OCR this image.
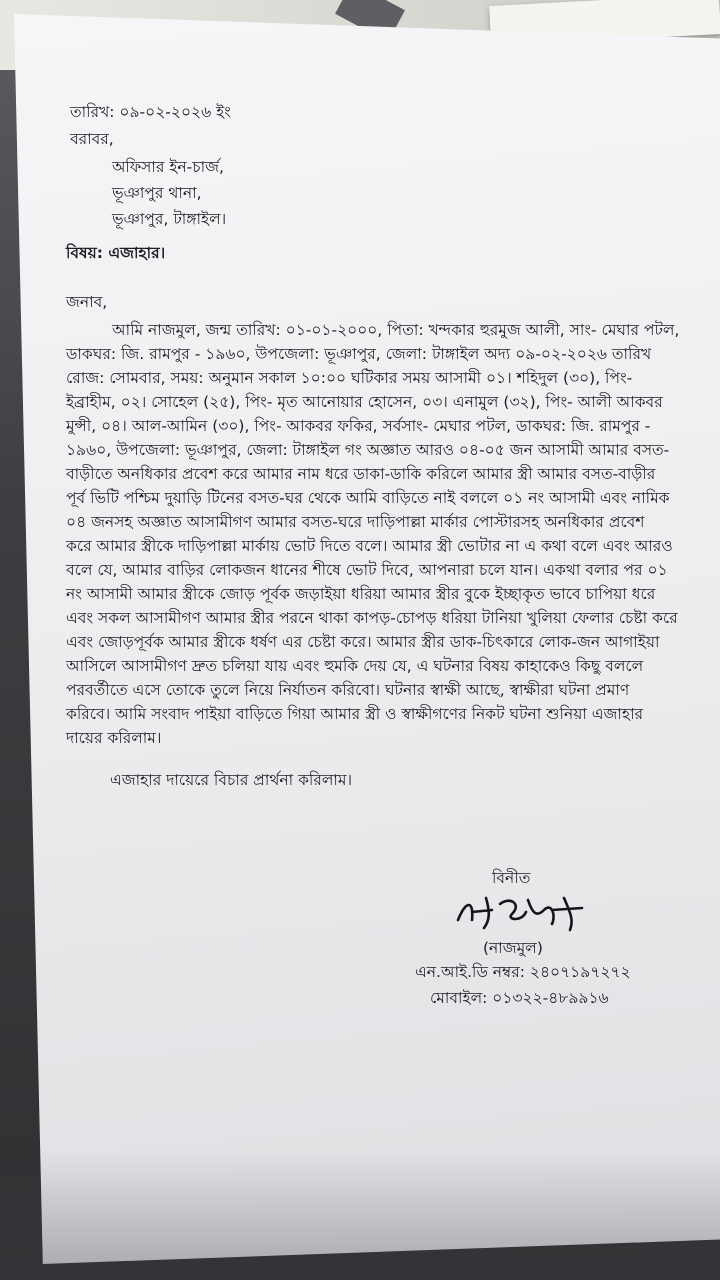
তারিখ: ০৯-০২-২০২৬ ইং

বরাবর,

অফিসার ইন-চার্জ,

ভূঞাপুর থানা,

ভূঞাপুর, টাঙ্গাইল।

বিষয়: এজাহার।

জনাব,

আমি নাজমুল, জন্ম তারিখ: ০১-০১-২০০০, পিতা: খন্দকার হুরমুজ আলী, সাং- মেঘার পটল,

ডাকঘর: জি. রামপুর - ১৯৬০, উপজেলা: ভূঞাপুর, জেলা: টাঙ্গাইল অদ্য ০৯-০২-২০২৬ তারিখ

রোজ: সোমবার, সময়: অনুমান সকাল ১০:০০ ঘটিকার সময় আসামী ০১। শহিদুল (৩০), পিং-

ইব্রাহীম, ০২। সোহেল (২৫), পিং- মৃত আনোয়ার হোসেন, ০৩। এনামুল (৩২), পিং- আলী আকবর

মুন্সী, ০৪। আল-আমিন (৩০), পিং- আকবর ফকির, সর্বসাং- মেঘার পটল, ডাকঘর: জি. রামপুর -

১৯৬০, উপজেলা: ভূঞাপুর, জেলা: টাঙ্গাইল গং অজ্ঞাত আরও ০৪-০৫ জন আসামী আমার বসত-

বাড়ীতে অনধিকার প্রবেশ করে আমার নাম ধরে ডাকা-ডাকি করিলে আমার স্ত্রী আমার বসত-বাড়ীর

পূর্ব ভিটি পশ্চিম দুয়াড়ি টিনের বসত-ঘর থেকে আমি বাড়িতে নাই বললে ০১ নং আসামী এবং নামিক

০৪ জনসহ অজ্ঞাত আসামীগণ আমার বসত-ঘরে দাড়িপাল্লা মার্কার পোস্টারসহ অনধিকার প্রবেশ

করে আমার স্ত্রীকে দাড়িপাল্লা মার্কায় ভোট দিতে বলে। আমার স্ত্রী ভোটার না এ কথা বলে এবং আরও

বলে যে, আমার বাড়ির লোকজন ধানের শীষে ভোট দিবে, আপনারা চলে যান। একথা বলার পর ০১

নং আসামী আমার স্ত্রীকে জোড় পূর্বক জড়াইয়া ধরিয়া আমার স্ত্রীর বুকে ইচ্ছাকৃত ভাবে চাপিয়া ধরে

এবং সকল আসামীগণ আমার স্ত্রীর পরনে থাকা কাপড়-চোপড় ধরিয়া টানিয়া খুলিয়া ফেলার চেষ্টা করে

এবং জোড়পূর্বক আমার স্ত্রীকে ধর্ষণ এর চেষ্টা করে। আমার স্ত্রীর ডাক-চিৎকারে লোক-জন আগাইয়া

আসিলে আসামীগণ দ্রুত চলিয়া যায় এবং হুমকি দেয় যে, এ ঘটনার বিষয় কাহাকেও কিছু বললে

পরবর্তীতে এসে তোকে তুলে নিয়ে নির্যাতন করিবো। ঘটনার স্বাক্ষী আছে, স্বাক্ষীরা ঘটনা প্রমাণ

করিবে। আমি সংবাদ পাইয়া বাড়িতে গিয়া আমার স্ত্রী ও স্বাক্ষীগণের নিকট ঘটনা শুনিয়া এজাহার

দায়ের করিলাম।

এজাহার দায়েরে বিচার প্রার্থনা করিলাম।

বিনীত

(নাজমুল)

এন.আই.ডি নম্বর: ২৪০৭১৯৭২৭২

মোবাইল: ০১৩২২-৪৮৯৯১৬
